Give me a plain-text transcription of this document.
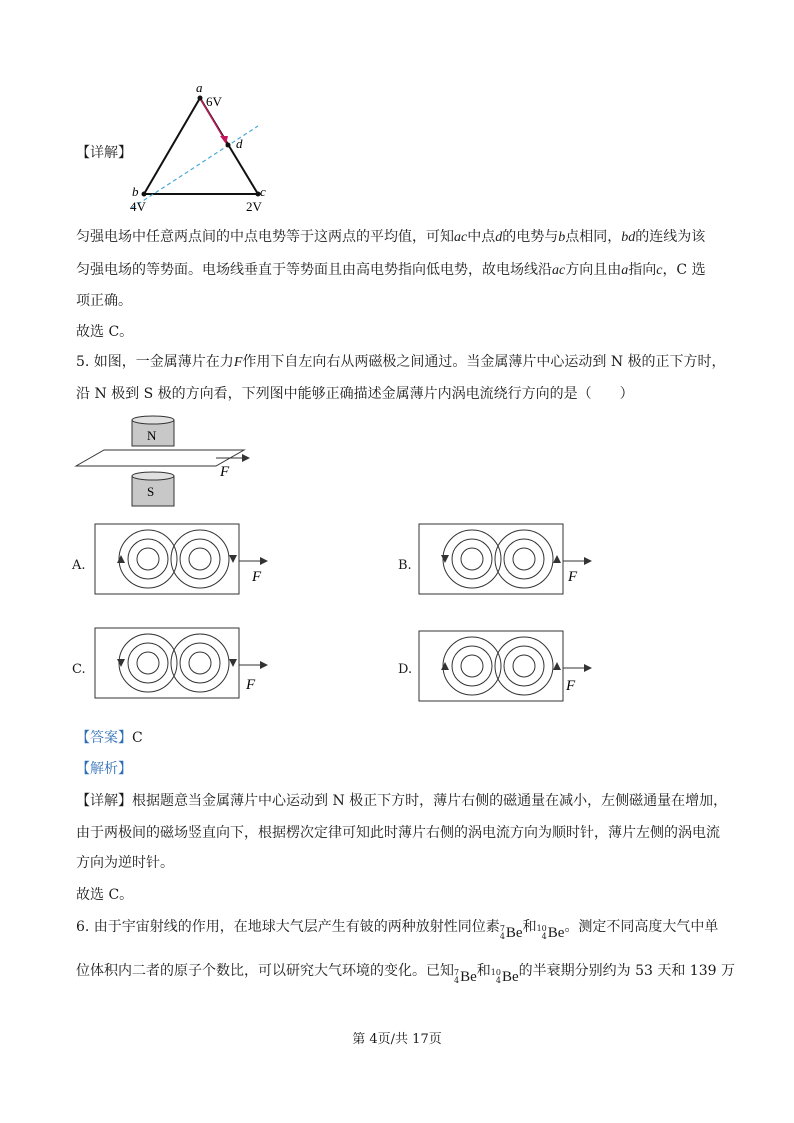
【详解】
a
6V
d
b
4V
c
2V
匀强电场中任意两点间的中点电势等于这两点的平均值，可知ac中点d的电势与b点相同，bd的连线为该
匀强电场的等势面。电场线垂直于等势面且由高电势指向低电势，故电场线沿ac方向且由a指向c，C 选
项正确。
故选 C。
5. 如图，一金属薄片在力F作用下自左向右从两磁极之间通过。当金属薄片中心运动到 N 极的正下方时，
沿 N 极到 S 极的方向看，下列图中能够正确描述金属薄片内涡电流绕行方向的是（　　）
N
F
S
A.
F
B.
F
C.
F
D.
F
【答案】C
【解析】
【详解】根据题意当金属薄片中心运动到 N 极正下方时，薄片右侧的磁通量在减小，左侧磁通量在增加，
由于两极间的磁场竖直向下，根据楞次定律可知此时薄片右侧的涡电流方向为顺时针，薄片左侧的涡电流
方向为逆时针。
故选 C。
6. 由于宇宙射线的作用，在地球大气层产生有铍的两种放射性同位素 7
4 Be 和 10
4 Be 。测定不同高度大气中单
位体积内二者的原子个数比，可以研究大气环境的变化。已知 7
4 Be 和 10
4 Be 的半衰期分别约为 53 天和 139 万
第 4页/共 17页
